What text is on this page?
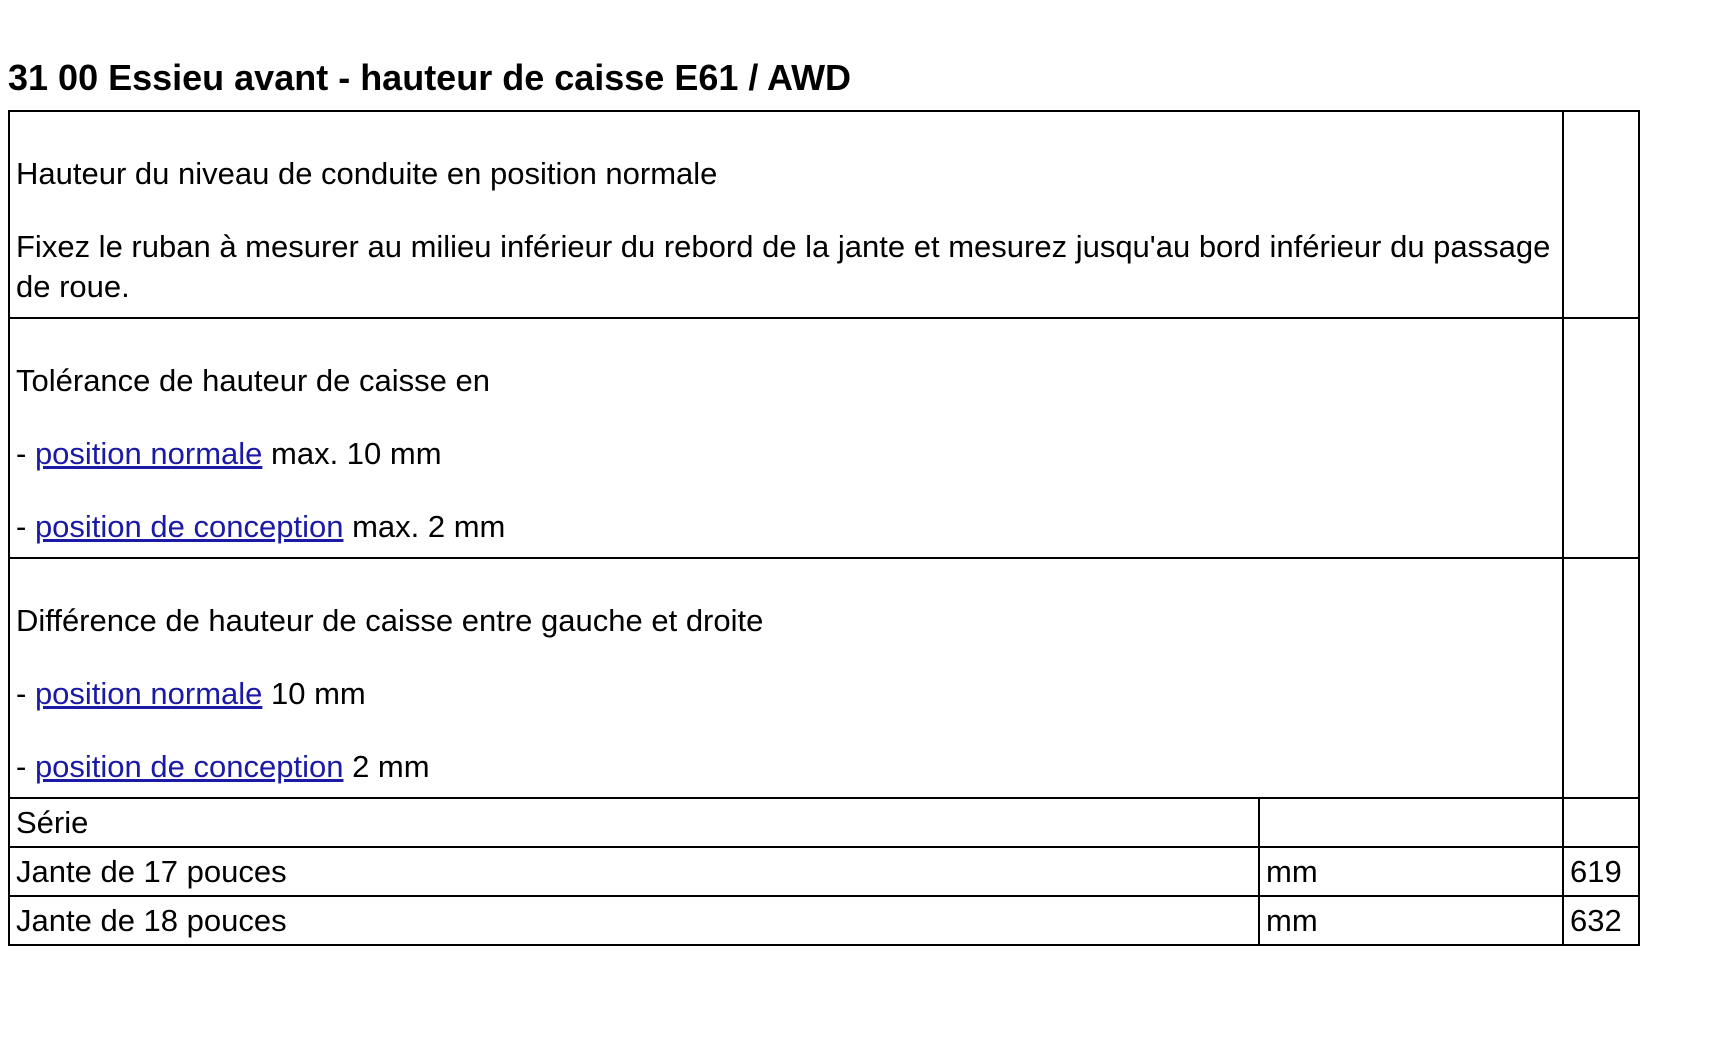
31 00 Essieu avant - hauteur de caisse E61 / AWD

Hauteur du niveau de conduite en position normale

Fixez le ruban à mesurer au milieu inférieur du rebord de la jante et mesurez jusqu'au bord inférieur du passage de roue.		

Tolérance de hauteur de caisse en

- position normale max. 10 mm

- position de conception max. 2 mm		

Différence de hauteur de caisse entre gauche et droite

- position normale 10 mm

- position de conception 2 mm		

Série		
Jante de 17 pouces	mm	619
Jante de 18 pouces	mm	632
